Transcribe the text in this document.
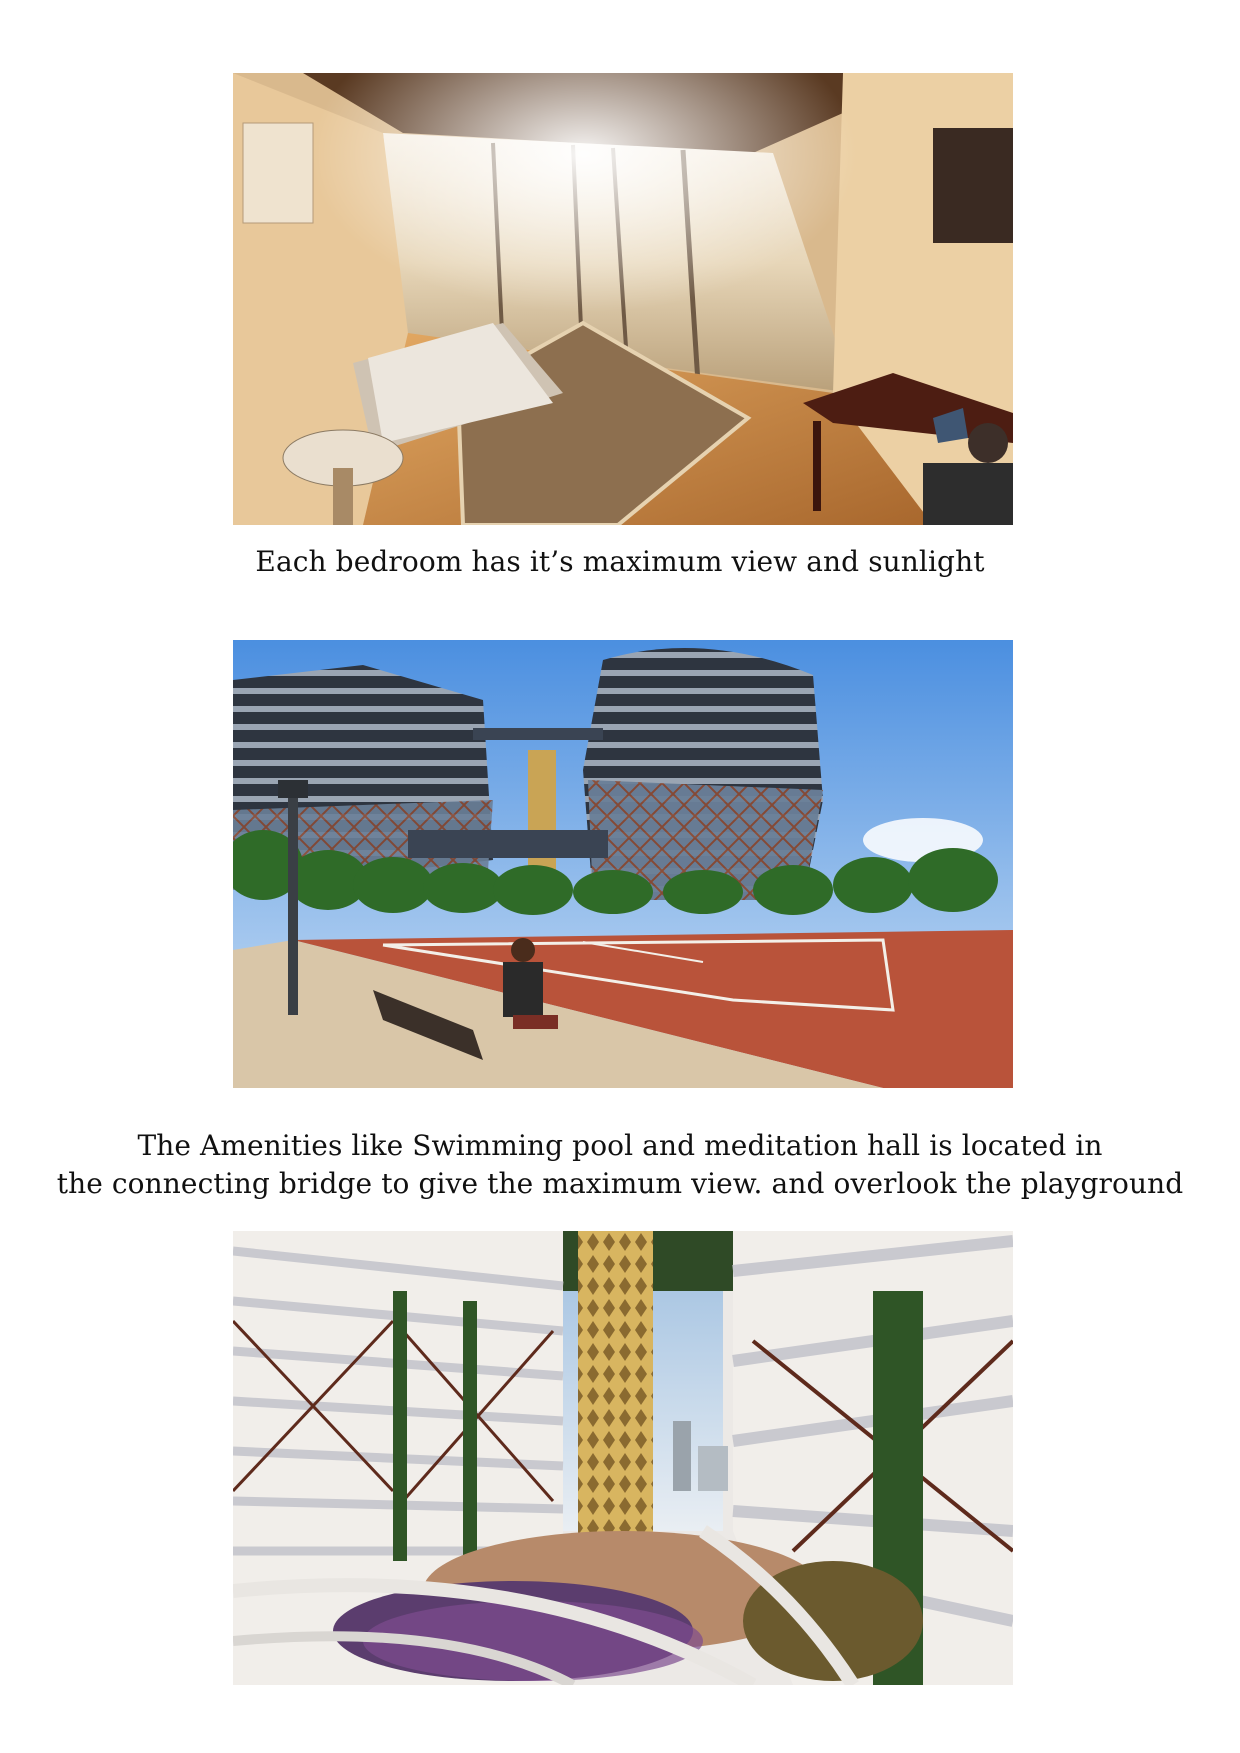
Each bedroom has it’s maximum view and sunlight
The Amenities like Swimming pool and meditation hall is located in
the connecting bridge to give the maximum view. and overlook the playground
